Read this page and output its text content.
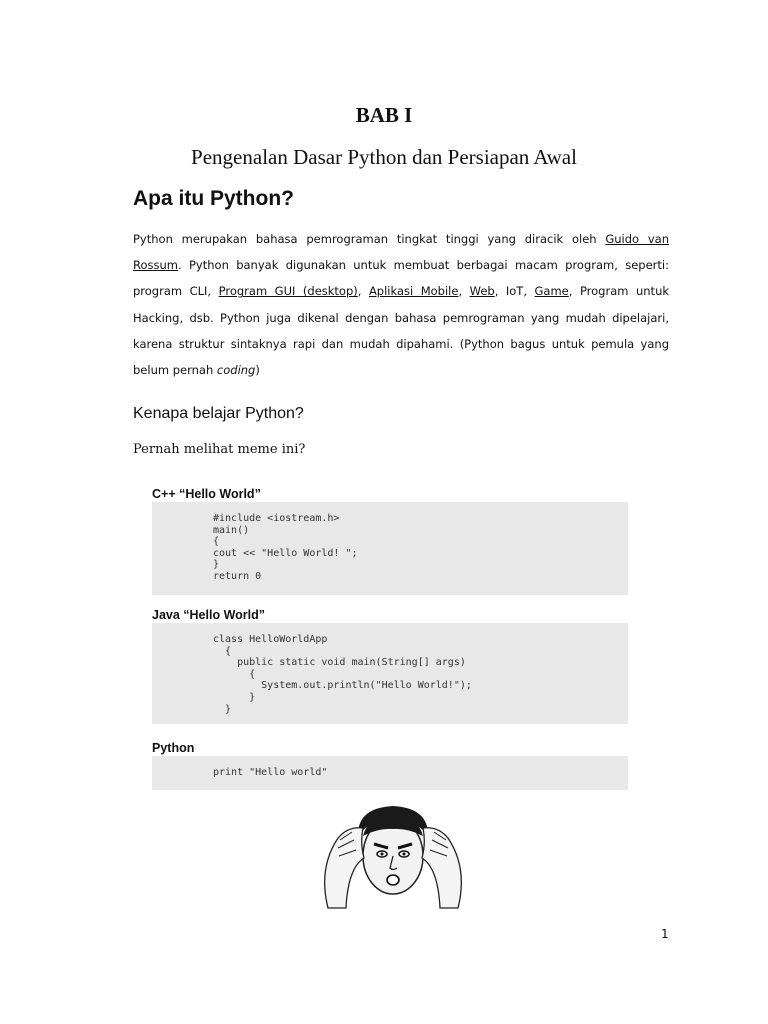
BAB I
Pengenalan Dasar Python dan Persiapan Awal
Apa itu Python?
Python merupakan bahasa pemrograman tingkat tinggi yang diracik oleh Guido van Rossum. Python banyak digunakan untuk membuat berbagai macam program, seperti: program CLI, Program GUI (desktop), Aplikasi Mobile, Web, IoT, Game, Program untuk Hacking, dsb. Python juga dikenal dengan bahasa pemrograman yang mudah dipelajari, karena struktur sintaknya rapi dan mudah dipahami. (Python bagus untuk pemula yang belum pernah coding)
Kenapa belajar Python?
Pernah melihat meme ini?
C++ “Hello World”
#include <iostream.h>
main()
{
cout << "Hello World! ";
}
return 0
Java “Hello World”
class HelloWorldApp
{
public static void main(String[] args)
{
System.out.println("Hello World!");
}
}
Python
print "Hello world"
1
